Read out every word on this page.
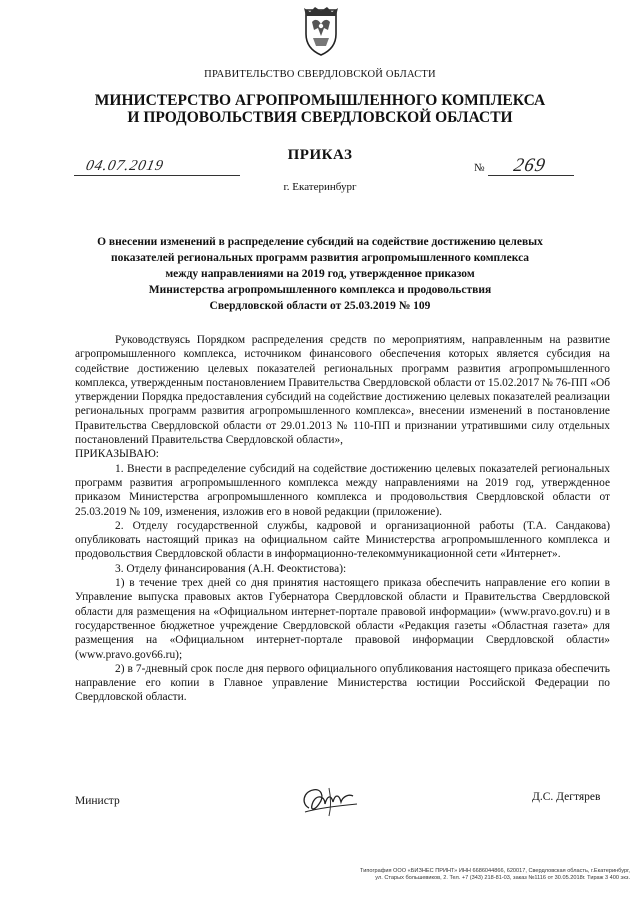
ПРАВИТЕЛЬСТВО СВЕРДЛОВСКОЙ ОБЛАСТИ
МИНИСТЕРСТВО АГРОПРОМЫШЛЕННОГО КОМПЛЕКСА
И ПРОДОВОЛЬСТВИЯ СВЕРДЛОВСКОЙ ОБЛАСТИ
ПРИКАЗ
04.07.2019	№ 269
г. Екатеринбург
О внесении изменений в распределение субсидий на содействие достижению целевых
показателей региональных программ развития агропромышленного комплекса
между направлениями на 2019 год, утвержденное приказом
Министерства агропромышленного комплекса и продовольствия
Свердловской области от 25.03.2019 № 109

Руководствуясь Порядком распределения средств по мероприятиям, направленным на развитие агропромышленного комплекса, источником финансового обеспечения которых является субсидия на содействие достижению целевых показателей региональных программ развития агропромышленного комплекса, утвержденным постановлением Правительства Свердловской области от 15.02.2017 № 76-ПП «Об утверждении Порядка предоставления субсидий на содействие достижению целевых показателей реализации региональных программ развития агропромышленного комплекса», внесении изменений в постановление Правительства Свердловской области от 29.01.2013 № 110-ПП и признании утратившими силу отдельных постановлений Правительства Свердловской области»,

ПРИКАЗЫВАЮ:

1. Внести в распределение субсидий на содействие достижению целевых показателей региональных программ развития агропромышленного комплекса между направлениями на 2019 год, утвержденное приказом Министерства агропромышленного комплекса и продовольствия Свердловской области от 25.03.2019 № 109, изменения, изложив его в новой редакции (приложение).

2. Отделу государственной службы, кадровой и организационной работы (Т.А. Сандакова) опубликовать настоящий приказ на официальном сайте Министерства агропромышленного комплекса и продовольствия Свердловской области в информационно-телекоммуникационной сети «Интернет».

3. Отделу финансирования (А.Н. Феоктистова):

1) в течение трех дней со дня принятия настоящего приказа обеспечить направление его копии в Управление выпуска правовых актов Губернатора Свердловской области и Правительства Свердловской области для размещения на «Официальном интернет-портале правовой информации» (www.pravo.gov.ru) и в государственное бюджетное учреждение Свердловской области «Редакция газеты «Областная газета» для размещения на «Официальном интернет-портале правовой информации Свердловской области» (www.pravo.gov66.ru);

2) в 7-дневный срок после дня первого официального опубликования настоящего приказа обеспечить направление его копии в Главное управление Министерства юстиции Российской Федерации по Свердловской области.

Министр	Д.С. Дегтярев
Типография ООО «БИЗНЕС ПРИНТ» ИНН 6686044866, 620017, Свердловская область, г.Екатеринбург,
ул. Старых большевиков, 2. Тел. +7 (343) 218-81-03, заказ №1116 от 30.05.2018г. Тираж 3 400 экз.
